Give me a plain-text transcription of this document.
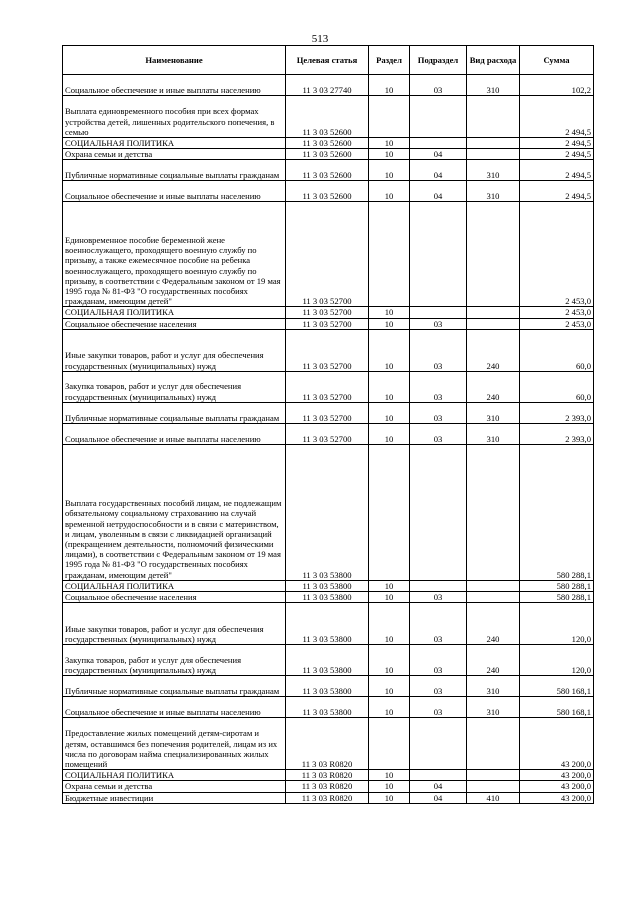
513
Наименование	Целевая статья	Раздел	Подраздел	Вид расхода	Сумма
Социальное обеспечение и иные выплаты населению	11 3 03 27740	10	03	310	102,2
Выплата единовременного пособия при всех формах устройства детей, лишенных родительского попечения, в семью	11 3 03 52600				2 494,5
СОЦИАЛЬНАЯ ПОЛИТИКА	11 3 03 52600	10			2 494,5
Охрана семьи и детства	11 3 03 52600	10	04		2 494,5
Публичные нормативные социальные выплаты гражданам	11 3 03 52600	10	04	310	2 494,5
Социальное обеспечение и иные выплаты населению	11 3 03 52600	10	04	310	2 494,5
Единовременное пособие беременной жене военнослужащего, проходящего военную службу по призыву, а также ежемесячное пособие на ребенка военнослужащего, проходящего военную службу по призыву, в соответствии с Федеральным законом от 19 мая 1995 года № 81-ФЗ "О государственных пособиях гражданам, имеющим детей"	11 3 03 52700				2 453,0
СОЦИАЛЬНАЯ ПОЛИТИКА	11 3 03 52700	10			2 453,0
Социальное обеспечение населения	11 3 03 52700	10	03		2 453,0
Иные закупки товаров, работ и услуг для обеспечения государственных (муниципальных) нужд	11 3 03 52700	10	03	240	60,0
Закупка товаров, работ и услуг для обеспечения государственных (муниципальных) нужд	11 3 03 52700	10	03	240	60,0
Публичные нормативные социальные выплаты гражданам	11 3 03 52700	10	03	310	2 393,0
Социальное обеспечение и иные выплаты населению	11 3 03 52700	10	03	310	2 393,0
Выплата государственных пособий лицам, не подлежащим обязательному социальному страхованию на случай временной нетрудоспособности и в связи с материнством, и лицам, уволенным в связи с ликвидацией организаций (прекращением деятельности, полномочий физическими лицами), в соответствии с Федеральным законом от 19 мая 1995 года № 81-ФЗ "О государственных пособиях гражданам, имеющим детей"	11 3 03 53800				580 288,1
СОЦИАЛЬНАЯ ПОЛИТИКА	11 3 03 53800	10			580 288,1
Социальное обеспечение населения	11 3 03 53800	10	03		580 288,1
Иные закупки товаров, работ и услуг для обеспечения государственных (муниципальных) нужд	11 3 03 53800	10	03	240	120,0
Закупка товаров, работ и услуг для обеспечения государственных (муниципальных) нужд	11 3 03 53800	10	03	240	120,0
Публичные нормативные социальные выплаты гражданам	11 3 03 53800	10	03	310	580 168,1
Социальное обеспечение и иные выплаты населению	11 3 03 53800	10	03	310	580 168,1
Предоставление жилых помещений детям-сиротам и детям, оставшимся без попечения родителей, лицам из их числа по договорам найма специализированных жилых помещений	11 3 03 R0820				43 200,0
СОЦИАЛЬНАЯ ПОЛИТИКА	11 3 03 R0820	10			43 200,0
Охрана семьи и детства	11 3 03 R0820	10	04		43 200,0
Бюджетные инвестиции	11 3 03 R0820	10	04	410	43 200,0
